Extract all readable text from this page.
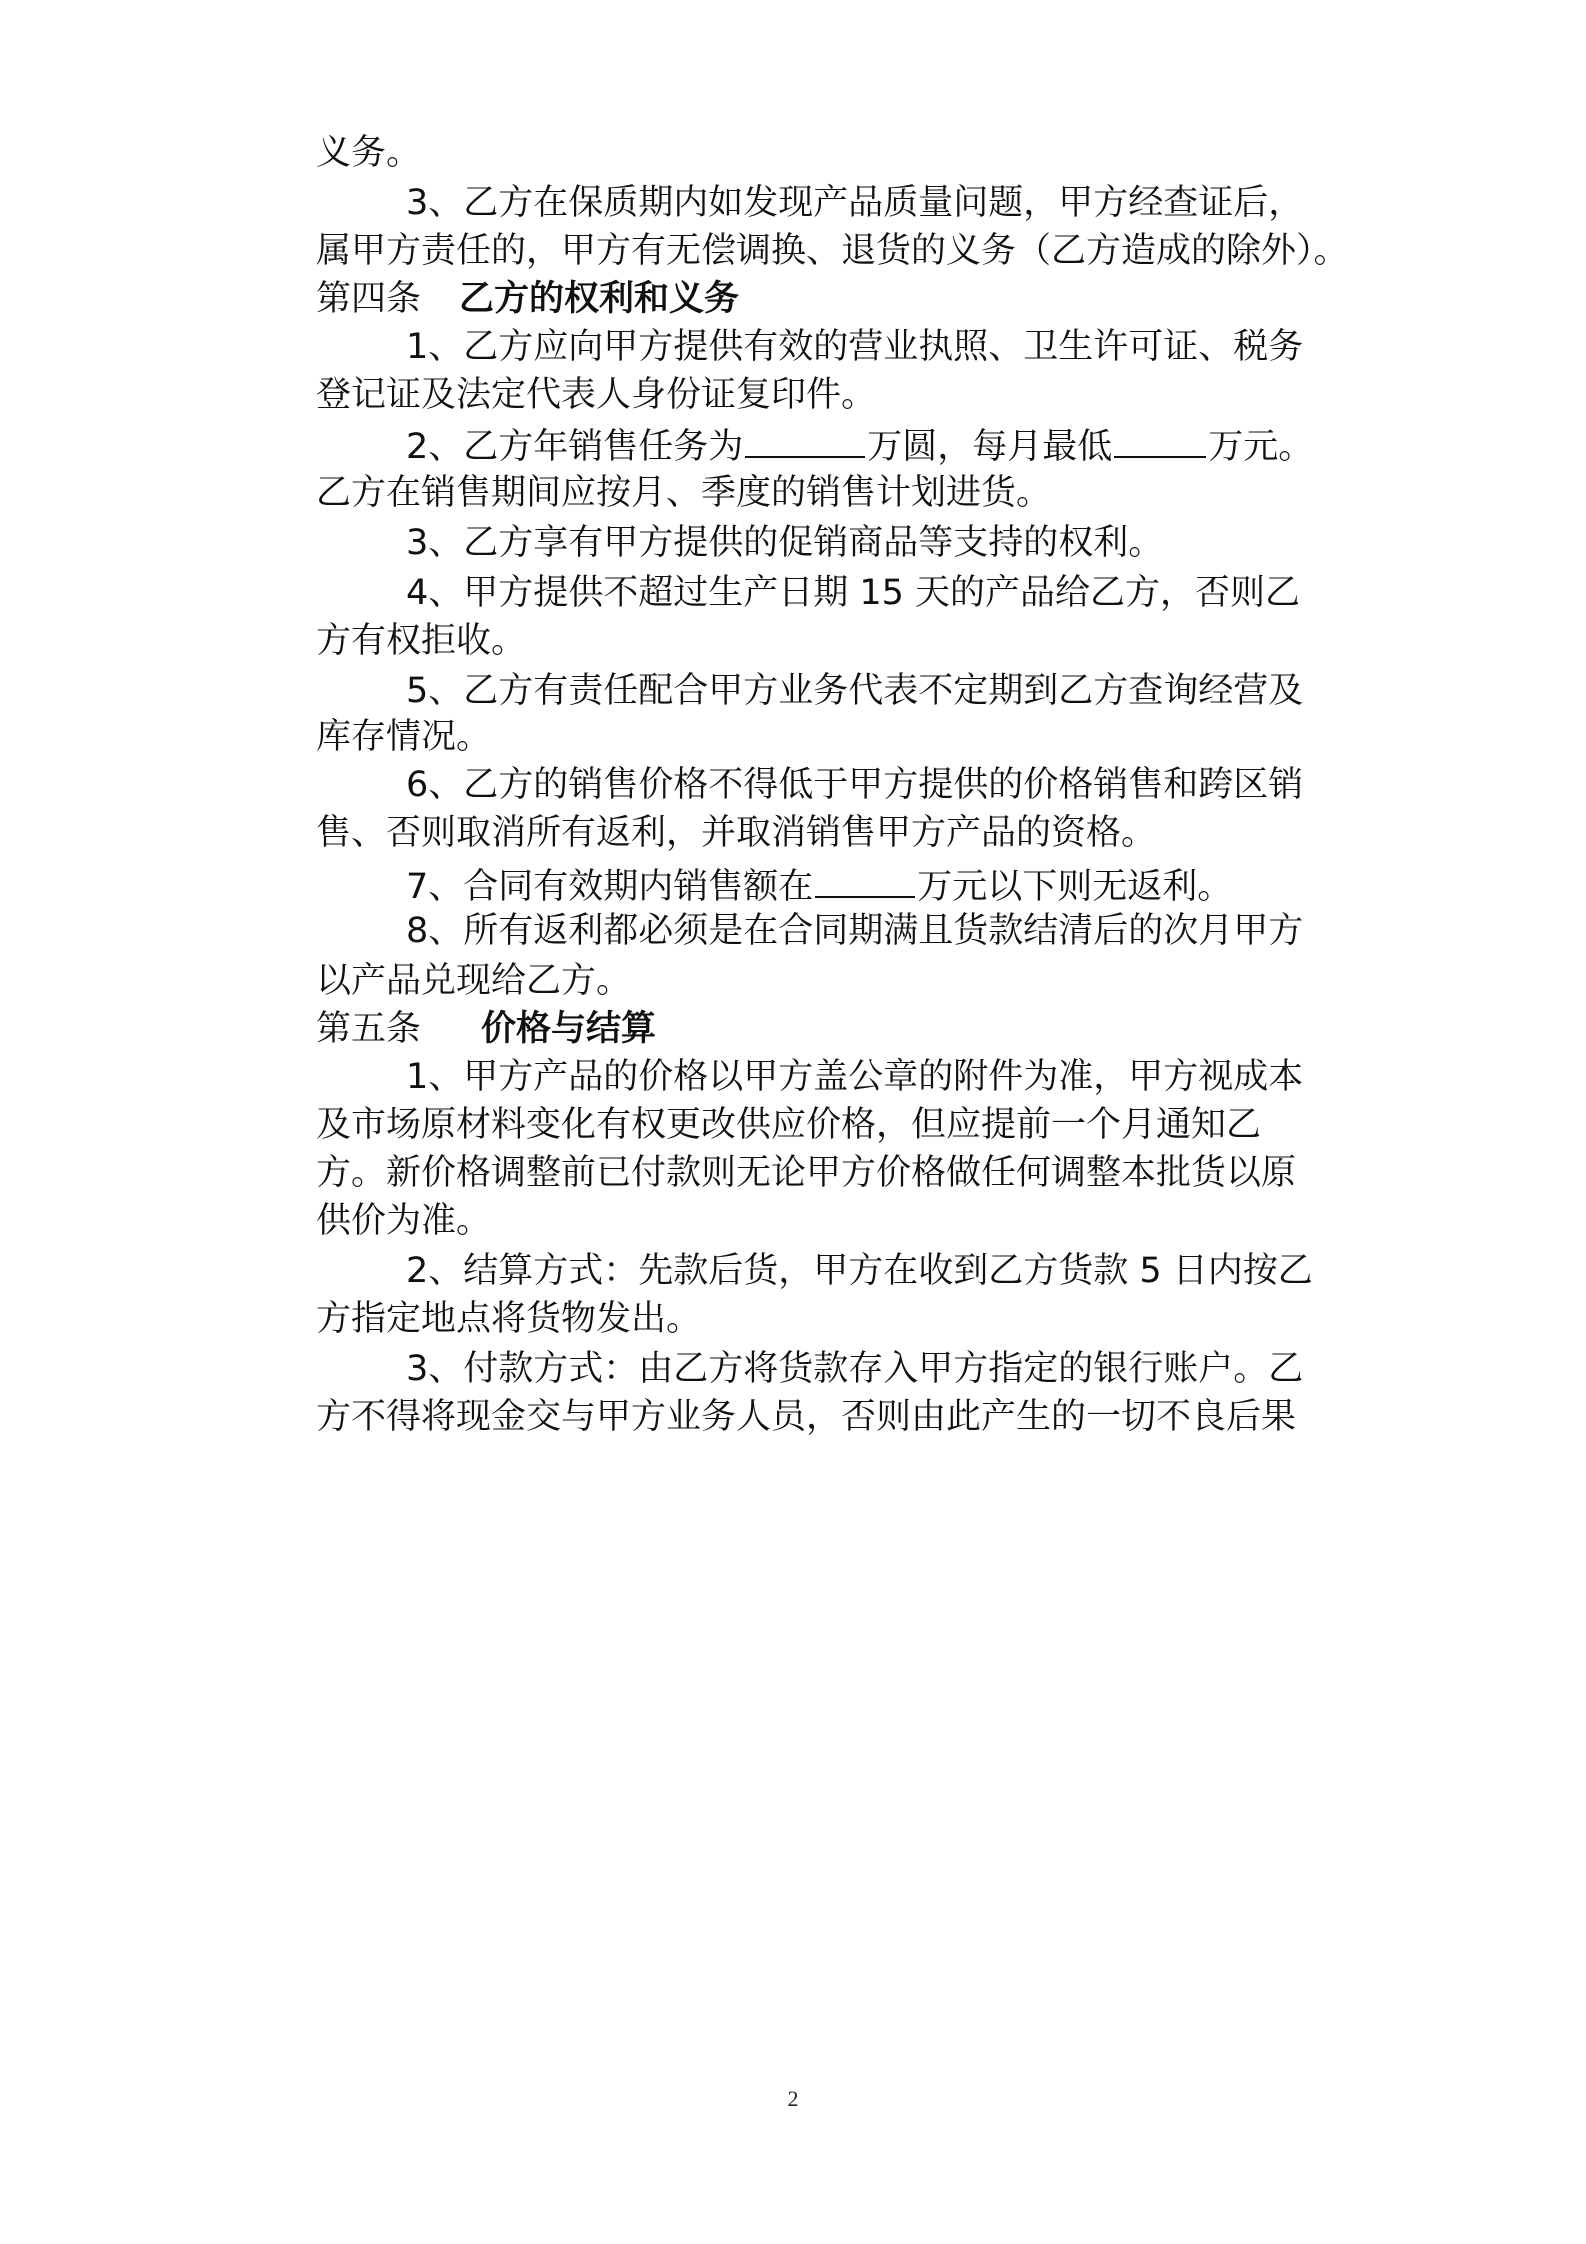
义务。
3、乙方在保质期内如发现产品质量问题，甲方经查证后，
属甲方责任的，甲方有无偿调换、退货的义务（乙方造成的除外）。
第四条 乙方的权利和义务
1、乙方应向甲方提供有效的营业执照、卫生许可证、税务
登记证及法定代表人身份证复印件。
2、乙方年销售任务为	万圆，每月最低	万元。
乙方在销售期间应按月、季度的销售计划进货。
3、乙方享有甲方提供的促销商品等支持的权利。
4、甲方提供不超过生产日期 15 天的产品给乙方，否则乙
方有权拒收。
5、乙方有责任配合甲方业务代表不定期到乙方查询经营及
库存情况。
6、乙方的销售价格不得低于甲方提供的价格销售和跨区销
售、否则取消所有返利，并取消销售甲方产品的资格。
7、合同有效期内销售额在	万元以下则无返利。
8、所有返利都必须是在合同期满且货款结清后的次月甲方
以产品兑现给乙方。
第五条 价格与结算
1、甲方产品的价格以甲方盖公章的附件为准，甲方视成本
及市场原材料变化有权更改供应价格，但应提前一个月通知乙
方。新价格调整前已付款则无论甲方价格做任何调整本批货以原
供价为准。
2、结算方式：先款后货，甲方在收到乙方货款 5 日内按乙
方指定地点将货物发出。
3、付款方式：由乙方将货款存入甲方指定的银行账户。乙
方不得将现金交与甲方业务人员，否则由此产生的一切不良后果
2
